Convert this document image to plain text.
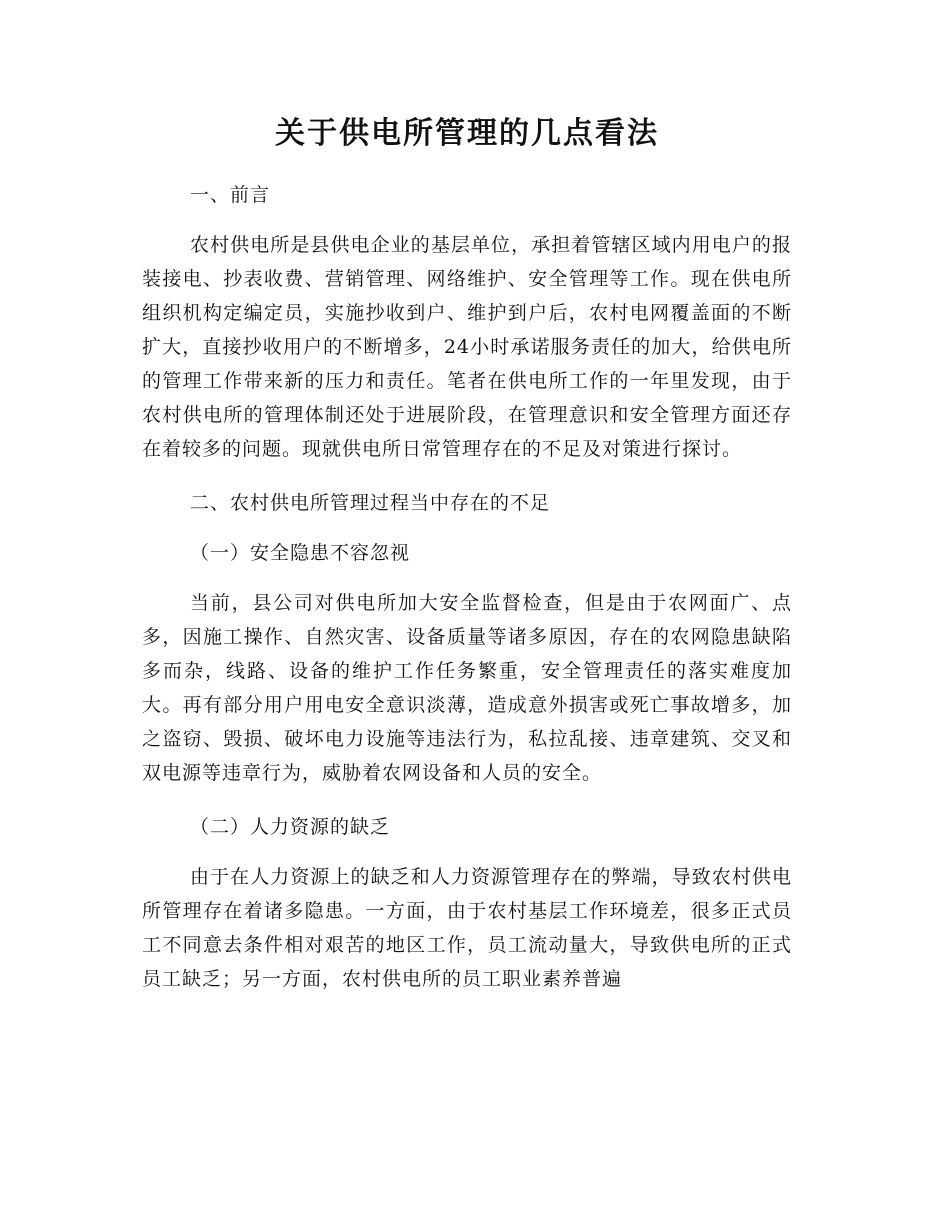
关于供电所管理的几点看法

一、前言

农村供电所是县供电企业的基层单位，承担着管辖区域内用电户的报装接电、抄表收费、营销管理、网络维护、安全管理等工作。现在供电所组织机构定编定员，实施抄收到户、维护到户后，农村电网覆盖面的不断扩大，直接抄收用户的不断增多，24小时承诺服务责任的加大，给供电所的管理工作带来新的压力和责任。笔者在供电所工作的一年里发现，由于农村供电所的管理体制还处于进展阶段，在管理意识和安全管理方面还存在着较多的问题。现就供电所日常管理存在的不足及对策进行探讨。

二、农村供电所管理过程当中存在的不足

（一）安全隐患不容忽视

当前，县公司对供电所加大安全监督检查，但是由于农网面广、点多，因施工操作、自然灾害、设备质量等诸多原因，存在的农网隐患缺陷多而杂，线路、设备的维护工作任务繁重，安全管理责任的落实难度加大。再有部分用户用电安全意识淡薄，造成意外损害或死亡事故增多，加之盗窃、毁损、破坏电力设施等违法行为，私拉乱接、违章建筑、交叉和双电源等违章行为，威胁着农网设备和人员的安全。

（二）人力资源的缺乏

由于在人力资源上的缺乏和人力资源管理存在的弊端，导致农村供电所管理存在着诸多隐患。一方面，由于农村基层工作环境差，很多正式员工不同意去条件相对艰苦的地区工作，员工流动量大，导致供电所的正式员工缺乏；另一方面，农村供电所的员工职业素养普遍
